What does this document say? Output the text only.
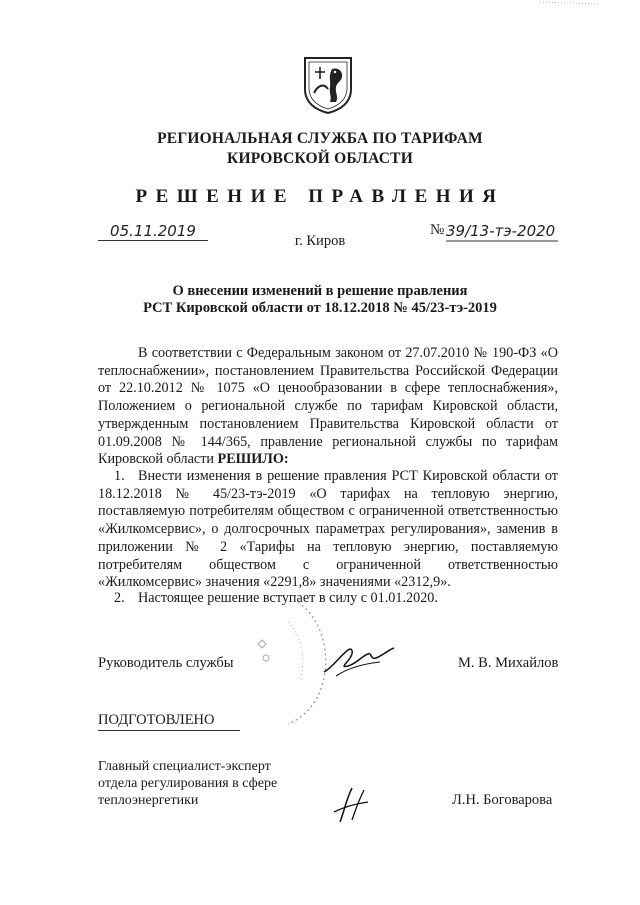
РЕГИОНАЛЬНАЯ СЛУЖБА ПО ТАРИФАМ
КИРОВСКОЙ ОБЛАСТИ
РЕШЕНИЕ ПРАВЛЕНИЯ
05.11.2019	№ 39/13-тэ-2020
г. Киров
О внесении изменений в решение правления
РСТ Кировской области от 18.12.2018 № 45/23-тэ-2019
В соответствии с Федеральным законом от 27.07.2010 № 190-ФЗ «О теплоснабжении», постановлением Правительства Российской Федерации от 22.10.2012 № 1075 «О ценообразовании в сфере теплоснабжения», Положением о региональной службе по тарифам Кировской области, утвержденным постановлением Правительства Кировской области от 01.09.2008 № 144/365, правление региональной службы по тарифам Кировской области РЕШИЛО:
1. Внести изменения в решение правления РСТ Кировской области от 18.12.2018 № 45/23-тэ-2019 «О тарифах на тепловую энергию, поставляемую потребителям обществом с ограниченной ответственностью «Жилкомсервис», о долгосрочных параметрах регулирования», заменив в приложении № 2 «Тарифы на тепловую энергию, поставляемую потребителям обществом с ограниченной ответственностью «Жилкомсервис» значения «2291,8» значениями «2312,9».
2. Настоящее решение вступает в силу с 01.01.2020.
Руководитель службы	М. В. Михайлов
ПОДГОТОВЛЕНО
Главный специалист-эксперт
отдела регулирования в сфере
теплоэнергетики	Л.Н. Боговарова
